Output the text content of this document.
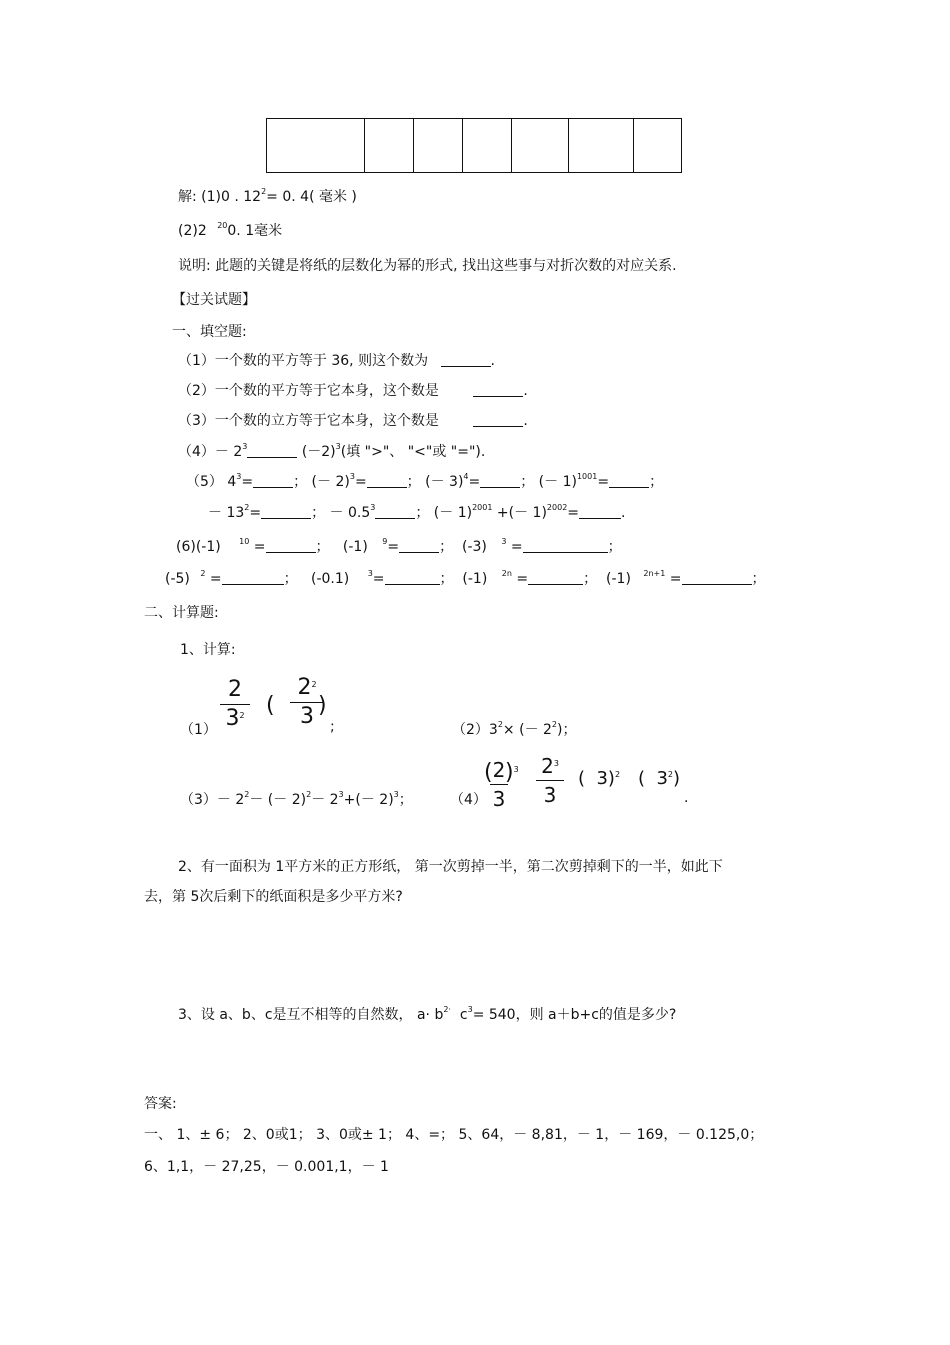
解: (1)0 . $12^2= 0$. 4( 毫米 )
(2)2 $^{20}$0. 1毫米
说明: 此题的关键是将纸的层数化为幂的形式, 找出这些事与对折次数的对应关系.
【过关试题】
一、填空题:
（1）一个数的平方等于 36, 则这个数为	.
（2）一个数的平方等于它本身，这个数是	.
（3）一个数的立方等于它本身，这个数是	.
$(4)- 2^3$	$(-2)^3$(填 ">"、 "<"或 "=").
（5） $4^3=$	； (－ 2)$^3$=	； (－ 3)$^4$=	； (－ 1)$^{1001}$=	；
－ $13^2=$	； － $0.5^3$	； (－ 1)$^{2001}$ +(－ 1)$^{2002}$=	.
(6)(-1) $^{10}$ =	；   (-1) $^9$=	；  (-3) $^3$ =	；
(-5) $^2$ =	；   (-0.1) $^3$=	；  (-1) $^{2n}$ =	；  (-1) $^{2n+1}$ =	；
二、计算题:
1、计算:
（1）
2
$3^2$ (
$2^2$
3 )
;	$(2)3^2\times$ (－ $2^2$)；
$(3)- 2^2-$ (－ $2)^2- 2^3+(- 2)^3$；	（4）
( 2
3
)$^3$ $2^3$
3
(  3)$^2$ (  $3^2$)
.
2、有一面积为 1平方米的正方形纸， 第一次剪掉一半，第二次剪掉剩下的一半，如此下
去，第 5次后剩下的纸面积是多少平方米?
3、设 a、b、c是互不相等的自然数， $a\cdot b^{2\cdot}$ $c^3= 540$，则 a＋b+c的值是多少?
答案:
一、 1、± 6； 2、0或1； 3、0或± 1； 4、=； 5、64，－ 8,81，－ 1，－ 169，－ 0.125,0；
6、1,1，－ 27,25，－ 0.001,1，－ 1
